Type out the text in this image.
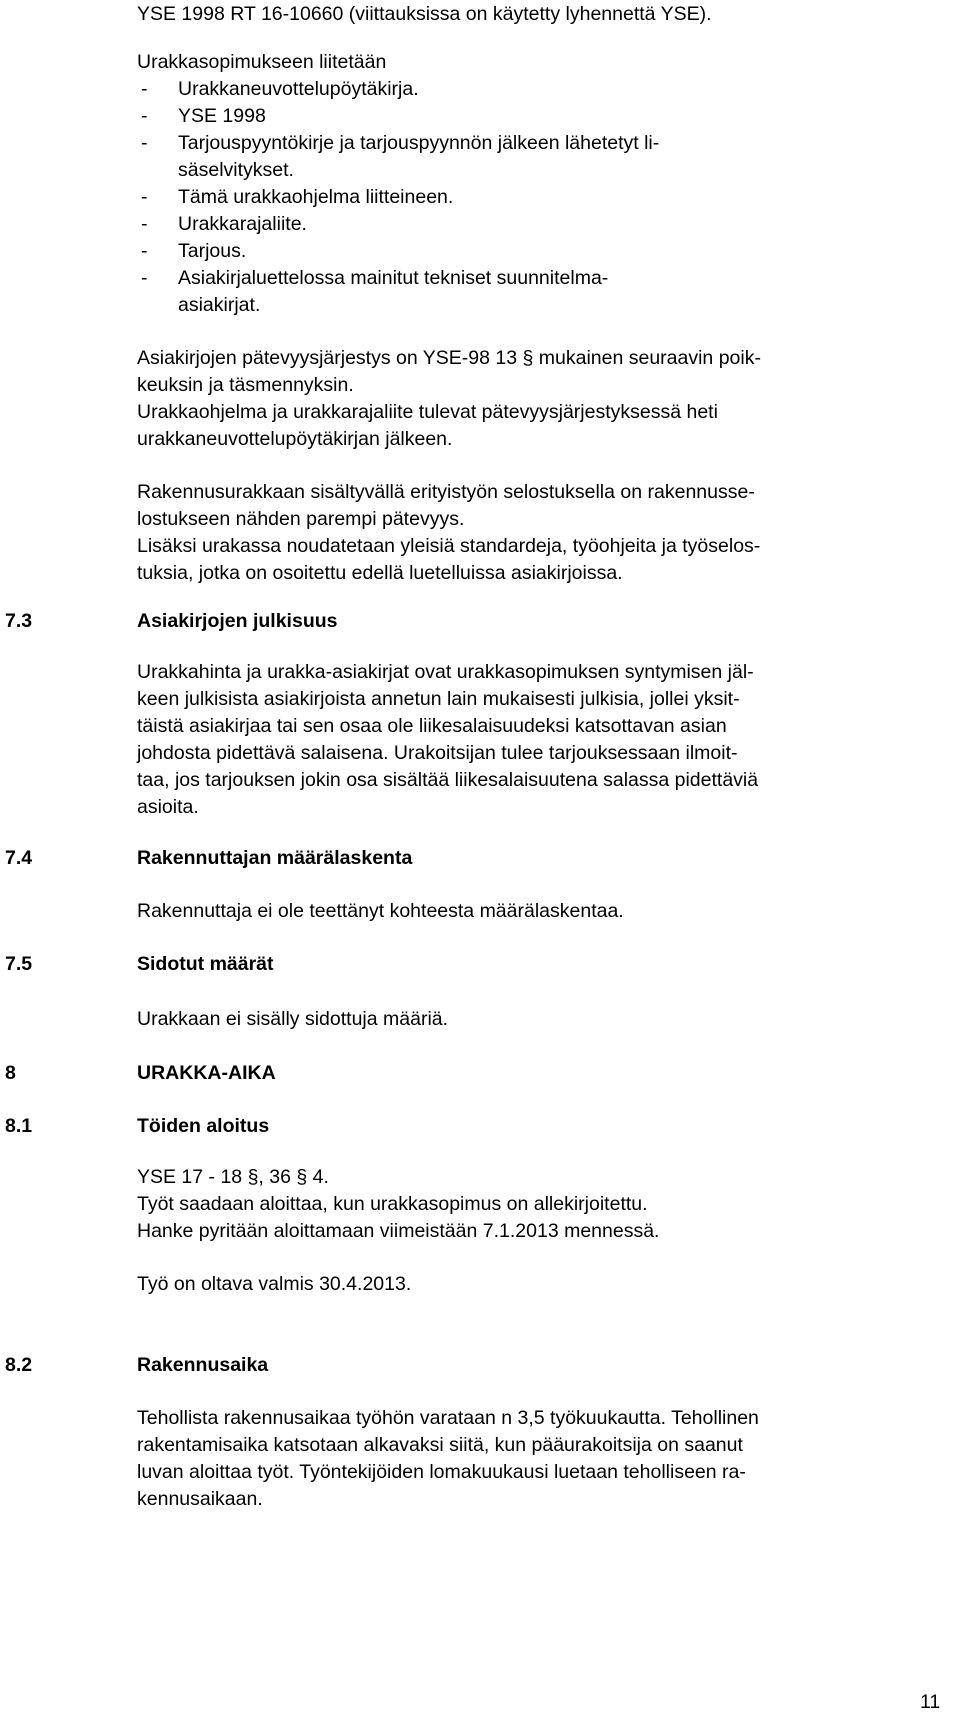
YSE 1998 RT 16-10660 (viittauksissa on käytetty lyhennettä YSE).
Urakkasopimukseen liitetään
- Urakkaneuvottelupöytäkirja.
- YSE 1998
- Tarjouspyyntökirje ja tarjouspyynnön jälkeen lähetetyt li-
säselvitykset.
- Tämä urakkaohjelma liitteineen.
- Urakkarajaliite.
- Tarjous.
- Asiakirjaluettelossa mainitut tekniset suunnitelma-
asiakirjat.
Asiakirjojen pätevyysjärjestys on YSE-98 13 § mukainen seuraavin poik-
keuksin ja täsmennyksin.
Urakkaohjelma ja urakkarajaliite tulevat pätevyysjärjestyksessä heti
urakkaneuvottelupöytäkirjan jälkeen.
Rakennusurakkaan sisältyvällä erityistyön selostuksella on rakennusse-
lostukseen nähden parempi pätevyys.
Lisäksi urakassa noudatetaan yleisiä standardeja, työohjeita ja työselos-
tuksia, jotka on osoitettu edellä luetelluissa asiakirjoissa.
7.3	Asiakirjojen julkisuus
Urakkahinta ja urakka-asiakirjat ovat urakkasopimuksen syntymisen jäl-
keen julkisista asiakirjoista annetun lain mukaisesti julkisia, jollei yksit-
täistä asiakirjaa tai sen osaa ole liikesalaisuudeksi katsottavan asian
johdosta pidettävä salaisena. Urakoitsijan tulee tarjouksessaan ilmoit-
taa, jos tarjouksen jokin osa sisältää liikesalaisuutena salassa pidettäviä
asioita.
7.4	Rakennuttajan määrälaskenta
Rakennuttaja ei ole teettänyt kohteesta määrälaskentaa.
7.5	Sidotut määrät
Urakkaan ei sisälly sidottuja määriä.
8	URAKKA-AIKA
8.1	Töiden aloitus
YSE 17 - 18 §, 36 § 4.
Työt saadaan aloittaa, kun urakkasopimus on allekirjoitettu.
Hanke pyritään aloittamaan viimeistään 7.1.2013 mennessä.
Työ on oltava valmis 30.4.2013.
8.2	Rakennusaika
Tehollista rakennusaikaa työhön varataan n 3,5 työkuukautta. Tehollinen
rakentamisaika katsotaan alkavaksi siitä, kun pääurakoitsija on saanut
luvan aloittaa työt. Työntekijöiden lomakuukausi luetaan teholliseen ra-
kennusaikaan.
11
